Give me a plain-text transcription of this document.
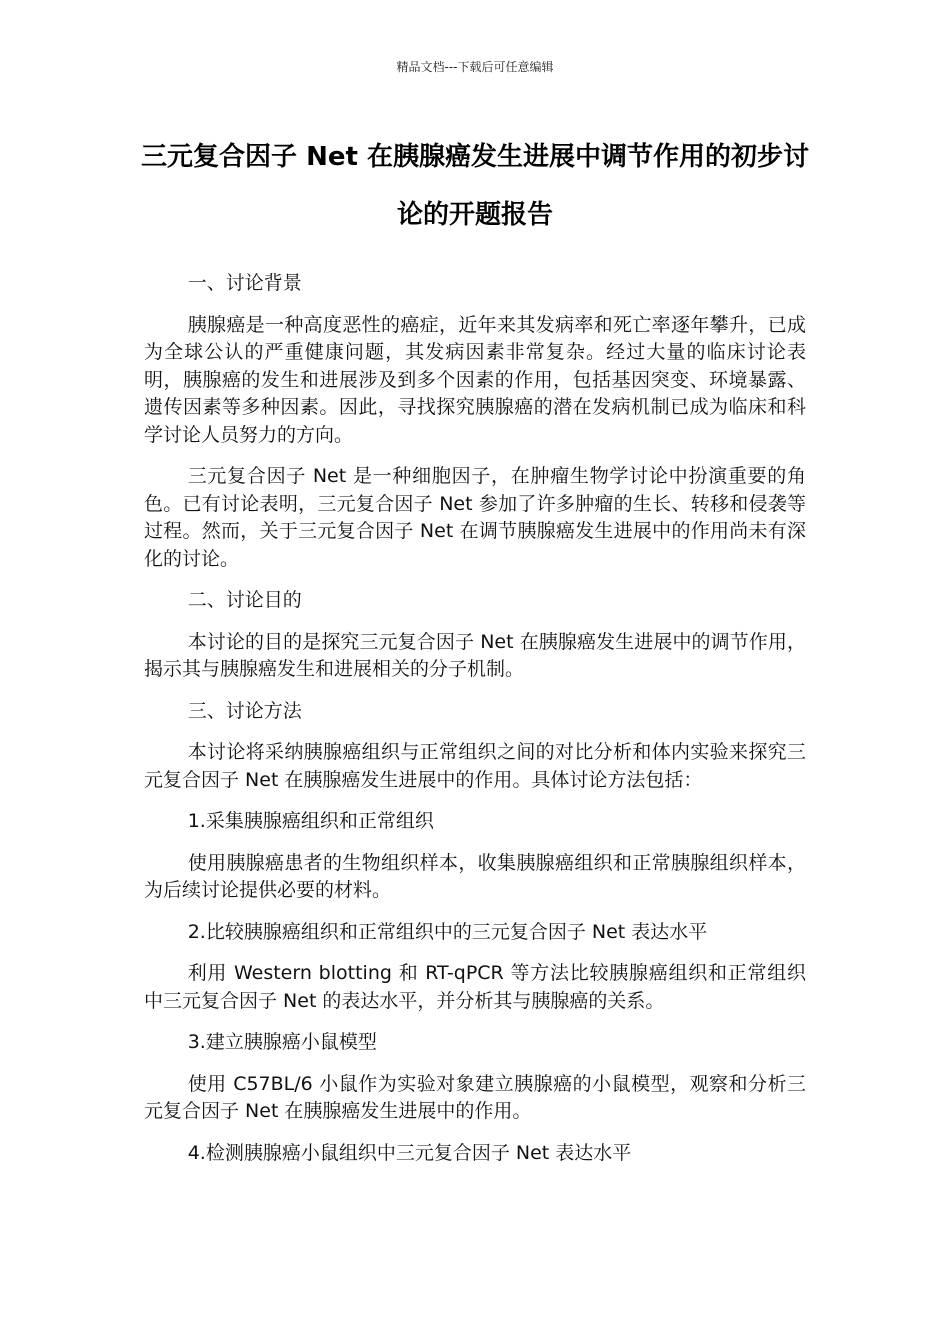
精品文档---下载后可任意编辑
三元复合因子 Net 在胰腺癌发生进展中调节作用的初步讨论的开题报告

一、讨论背景

胰腺癌是一种高度恶性的癌症，近年来其发病率和死亡率逐年攀升，已成为全球公认的严重健康问题，其发病因素非常复杂。经过大量的临床讨论表明，胰腺癌的发生和进展涉及到多个因素的作用，包括基因突变、环境暴露、遗传因素等多种因素。因此，寻找探究胰腺癌的潜在发病机制已成为临床和科学讨论人员努力的方向。

三元复合因子 Net 是一种细胞因子，在肿瘤生物学讨论中扮演重要的角色。已有讨论表明，三元复合因子 Net 参加了许多肿瘤的生长、转移和侵袭等过程。然而，关于三元复合因子 Net 在调节胰腺癌发生进展中的作用尚未有深化的讨论。

二、讨论目的

本讨论的目的是探究三元复合因子 Net 在胰腺癌发生进展中的调节作用，揭示其与胰腺癌发生和进展相关的分子机制。

三、讨论方法

本讨论将采纳胰腺癌组织与正常组织之间的对比分析和体内实验来探究三元复合因子 Net 在胰腺癌发生进展中的作用。具体讨论方法包括：

1.采集胰腺癌组织和正常组织

使用胰腺癌患者的生物组织样本，收集胰腺癌组织和正常胰腺组织样本，为后续讨论提供必要的材料。

2.比较胰腺癌组织和正常组织中的三元复合因子 Net 表达水平

利用 Western blotting 和 RT-qPCR 等方法比较胰腺癌组织和正常组织中三元复合因子 Net 的表达水平，并分析其与胰腺癌的关系。

3.建立胰腺癌小鼠模型

使用 C57BL/6 小鼠作为实验对象建立胰腺癌的小鼠模型，观察和分析三元复合因子 Net 在胰腺癌发生进展中的作用。

4.检测胰腺癌小鼠组织中三元复合因子 Net 表达水平
